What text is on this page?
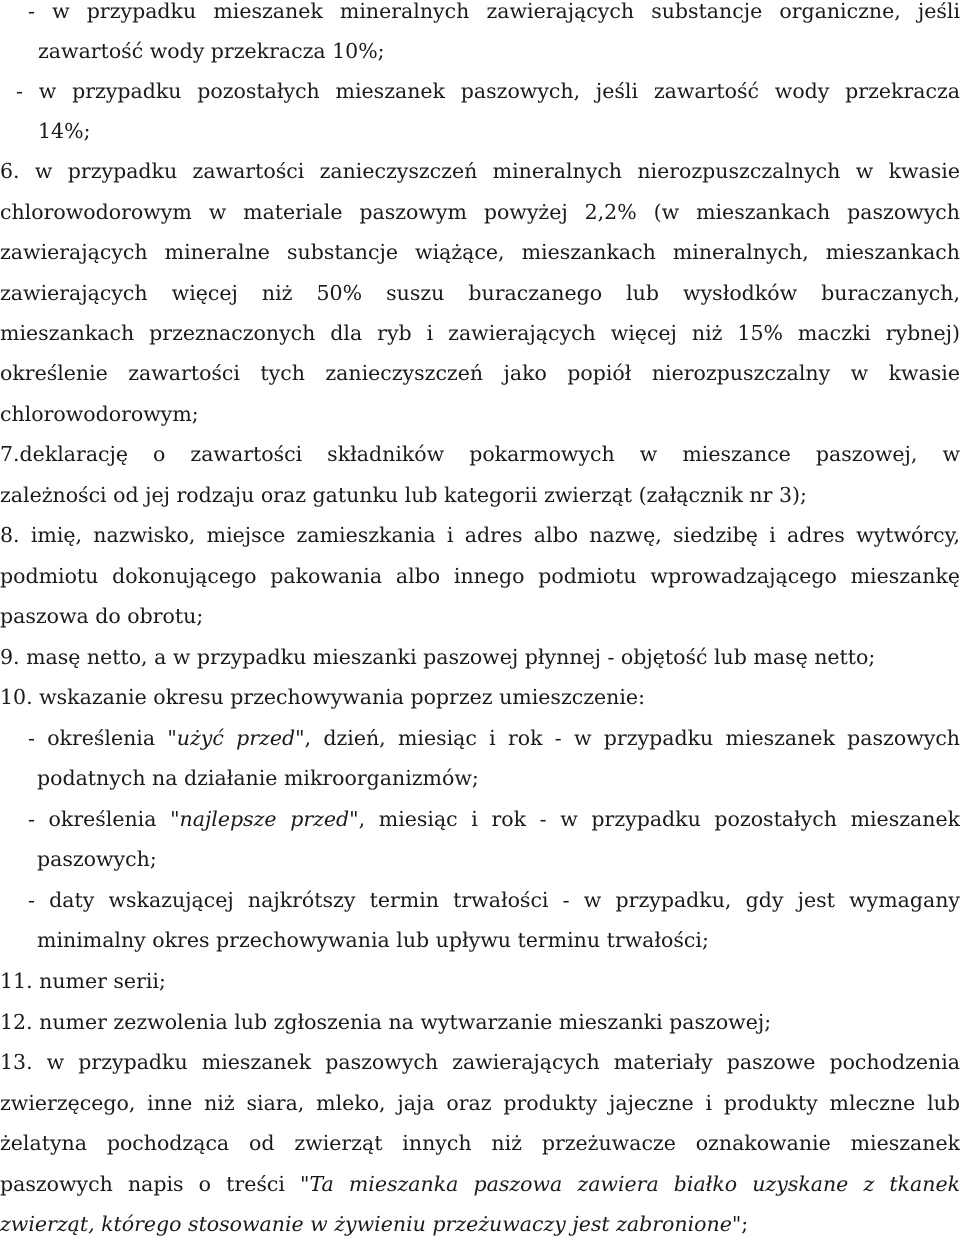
- w przypadku mieszanek mineralnych zawierających substancje organiczne, jeśli
zawartość wody przekracza 10%;
- w przypadku pozostałych mieszanek paszowych, jeśli zawartość wody przekracza
14%;
6. w przypadku zawartości zanieczyszczeń mineralnych nierozpuszczalnych w kwasie
chlorowodorowym w materiale paszowym powyżej 2,2% (w mieszankach paszowych
zawierających mineralne substancje wiążące, mieszankach mineralnych, mieszankach
zawierających więcej niż 50% suszu buraczanego lub wysłodków buraczanych,
mieszankach przeznaczonych dla ryb i zawierających więcej niż 15% maczki rybnej)
określenie zawartości tych zanieczyszczeń jako popiół nierozpuszczalny w kwasie
chlorowodorowym;
7.deklarację o zawartości składników pokarmowych w mieszance paszowej, w
zależności od jej rodzaju oraz gatunku lub kategorii zwierząt (załącznik nr 3);
8. imię, nazwisko, miejsce zamieszkania i adres albo nazwę, siedzibę i adres wytwórcy,
podmiotu dokonującego pakowania albo innego podmiotu wprowadzającego mieszankę
paszowa do obrotu;
9. masę netto, a w przypadku mieszanki paszowej płynnej - objętość lub masę netto;
10. wskazanie okresu przechowywania poprzez umieszczenie:
- określenia "użyć przed", dzień, miesiąc i rok - w przypadku mieszanek paszowych
podatnych na działanie mikroorganizmów;
- określenia "najlepsze przed", miesiąc i rok - w przypadku pozostałych mieszanek
paszowych;
- daty wskazującej najkrótszy termin trwałości - w przypadku, gdy jest wymagany
minimalny okres przechowywania lub upływu terminu trwałości;
11. numer serii;
12. numer zezwolenia lub zgłoszenia na wytwarzanie mieszanki paszowej;
13. w przypadku mieszanek paszowych zawierających materiały paszowe pochodzenia
zwierzęcego, inne niż siara, mleko, jaja oraz produkty jajeczne i produkty mleczne lub
żelatyna pochodząca od zwierząt innych niż przeżuwacze oznakowanie mieszanek
paszowych napis o treści "Ta mieszanka paszowa zawiera białko uzyskane z tkanek
zwierząt, którego stosowanie w żywieniu przeżuwaczy jest zabronione";
